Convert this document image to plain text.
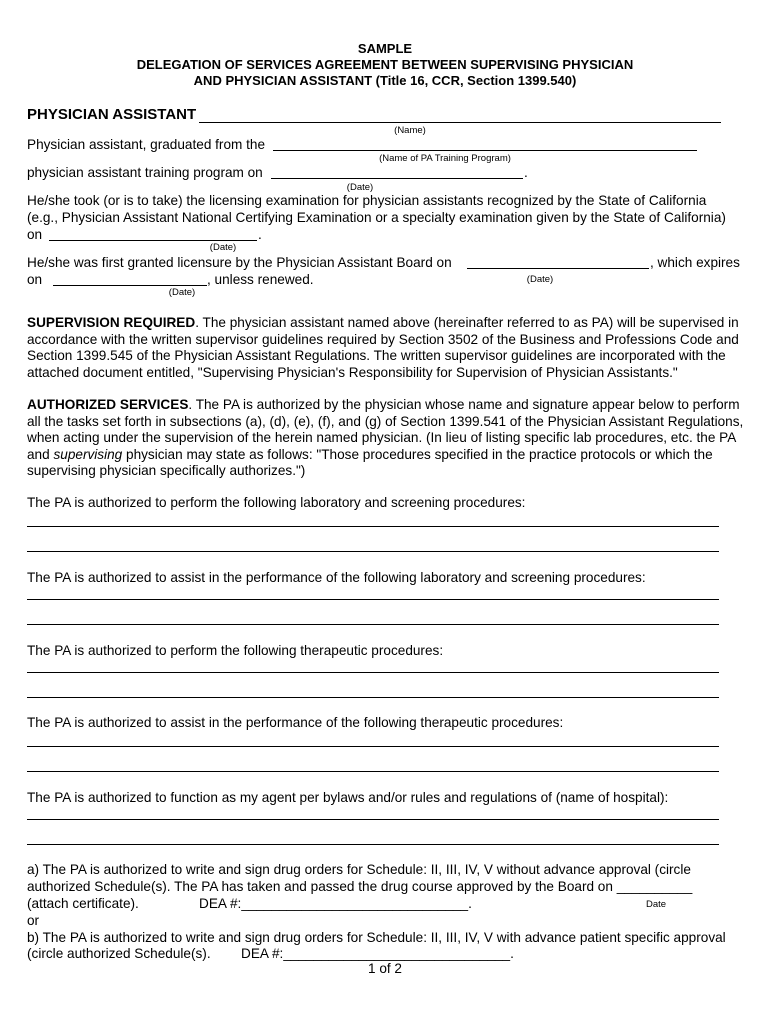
SAMPLE
DELEGATION OF SERVICES AGREEMENT BETWEEN SUPERVISING PHYSICIAN
AND PHYSICIAN ASSISTANT (Title 16, CCR, Section 1399.540)
PHYSICIAN ASSISTANT
(Name)
Physician assistant, graduated from the
(Name of PA Training Program)
physician assistant training program on	.
(Date)
He/she took (or is to take) the licensing examination for physician assistants recognized by the State of California
(e.g., Physician Assistant National Certifying Examination or a specialty examination given by the State of California)
on	.
(Date)
He/she was first granted licensure by the Physician Assistant Board on	, which expires
on	, unless renewed.	(Date)
(Date)
SUPERVISION REQUIRED. The physician assistant named above (hereinafter referred to as PA) will be supervised in accordance with the written supervisor guidelines required by Section 3502 of the Business and Professions Code and Section 1399.545 of the Physician Assistant Regulations. The written supervisor guidelines are incorporated with the attached document entitled, "Supervising Physician's Responsibility for Supervision of Physician Assistants."
AUTHORIZED SERVICES. The PA is authorized by the physician whose name and signature appear below to perform all the tasks set forth in subsections (a), (d), (e), (f), and (g) of Section 1399.541 of the Physician Assistant Regulations, when acting under the supervision of the herein named physician. (In lieu of listing specific lab procedures, etc. the PA and supervising physician may state as follows: "Those procedures specified in the practice protocols or which the supervising physician specifically authorizes.")
The PA is authorized to perform the following laboratory and screening procedures:
The PA is authorized to assist in the performance of the following laboratory and screening procedures:
The PA is authorized to perform the following therapeutic procedures:
The PA is authorized to assist in the performance of the following therapeutic procedures:
The PA is authorized to function as my agent per bylaws and/or rules and regulations of (name of hospital):
a) The PA is authorized to write and sign drug orders for Schedule: II, III, IV, V without advance approval (circle
authorized Schedule(s). The PA has taken and passed the drug course approved by the Board on __________
(attach certificate).	DEA #:______________________________.	Date
or
b) The PA is authorized to write and sign drug orders for Schedule: II, III, IV, V with advance patient specific approval
(circle authorized Schedule(s). DEA #:______________________________.
1 of 2
